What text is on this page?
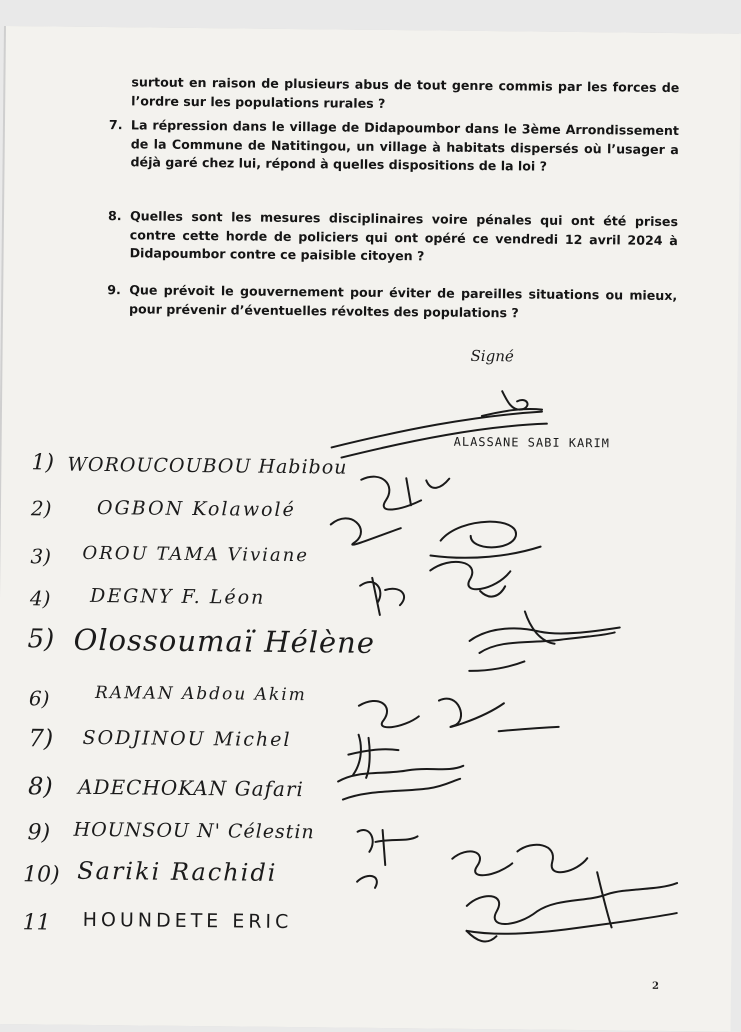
surtout en raison de plusieurs abus de tout genre commis par les forces de l’ordre sur les populations rurales ?
7. La répression dans le village de Didapoumbor dans le 3ème Arrondissement de la Commune de Natitingou, un village à habitats dispersés où l’usager a déjà garé chez lui, répond à quelles dispositions de la loi ?
8. Quelles sont les mesures disciplinaires voire pénales qui ont été prises contre cette horde de policiers qui ont opéré ce vendredi 12 avril 2024 à Didapoumbor contre ce paisible citoyen ?
9. Que prévoit le gouvernement pour éviter de pareilles situations ou mieux, pour prévenir d’éventuelles révoltes des populations ?
Signé
ALASSANE SABI KARIM
1) WOROUCOUBOU Habibou
2) OGBON Kolawolé
3) OROU TAMA Viviane
4) DEGNY F. Léon
5) Olossoumaï Hélène
6)	RAMAN Abdou Akim
7) SODJINOU Michel
8) ADECHOKAN Gafari
9) HOUNSOU N' Célestin
10) Sariki Rachidi
11 HOUNDETE ERIC
2
